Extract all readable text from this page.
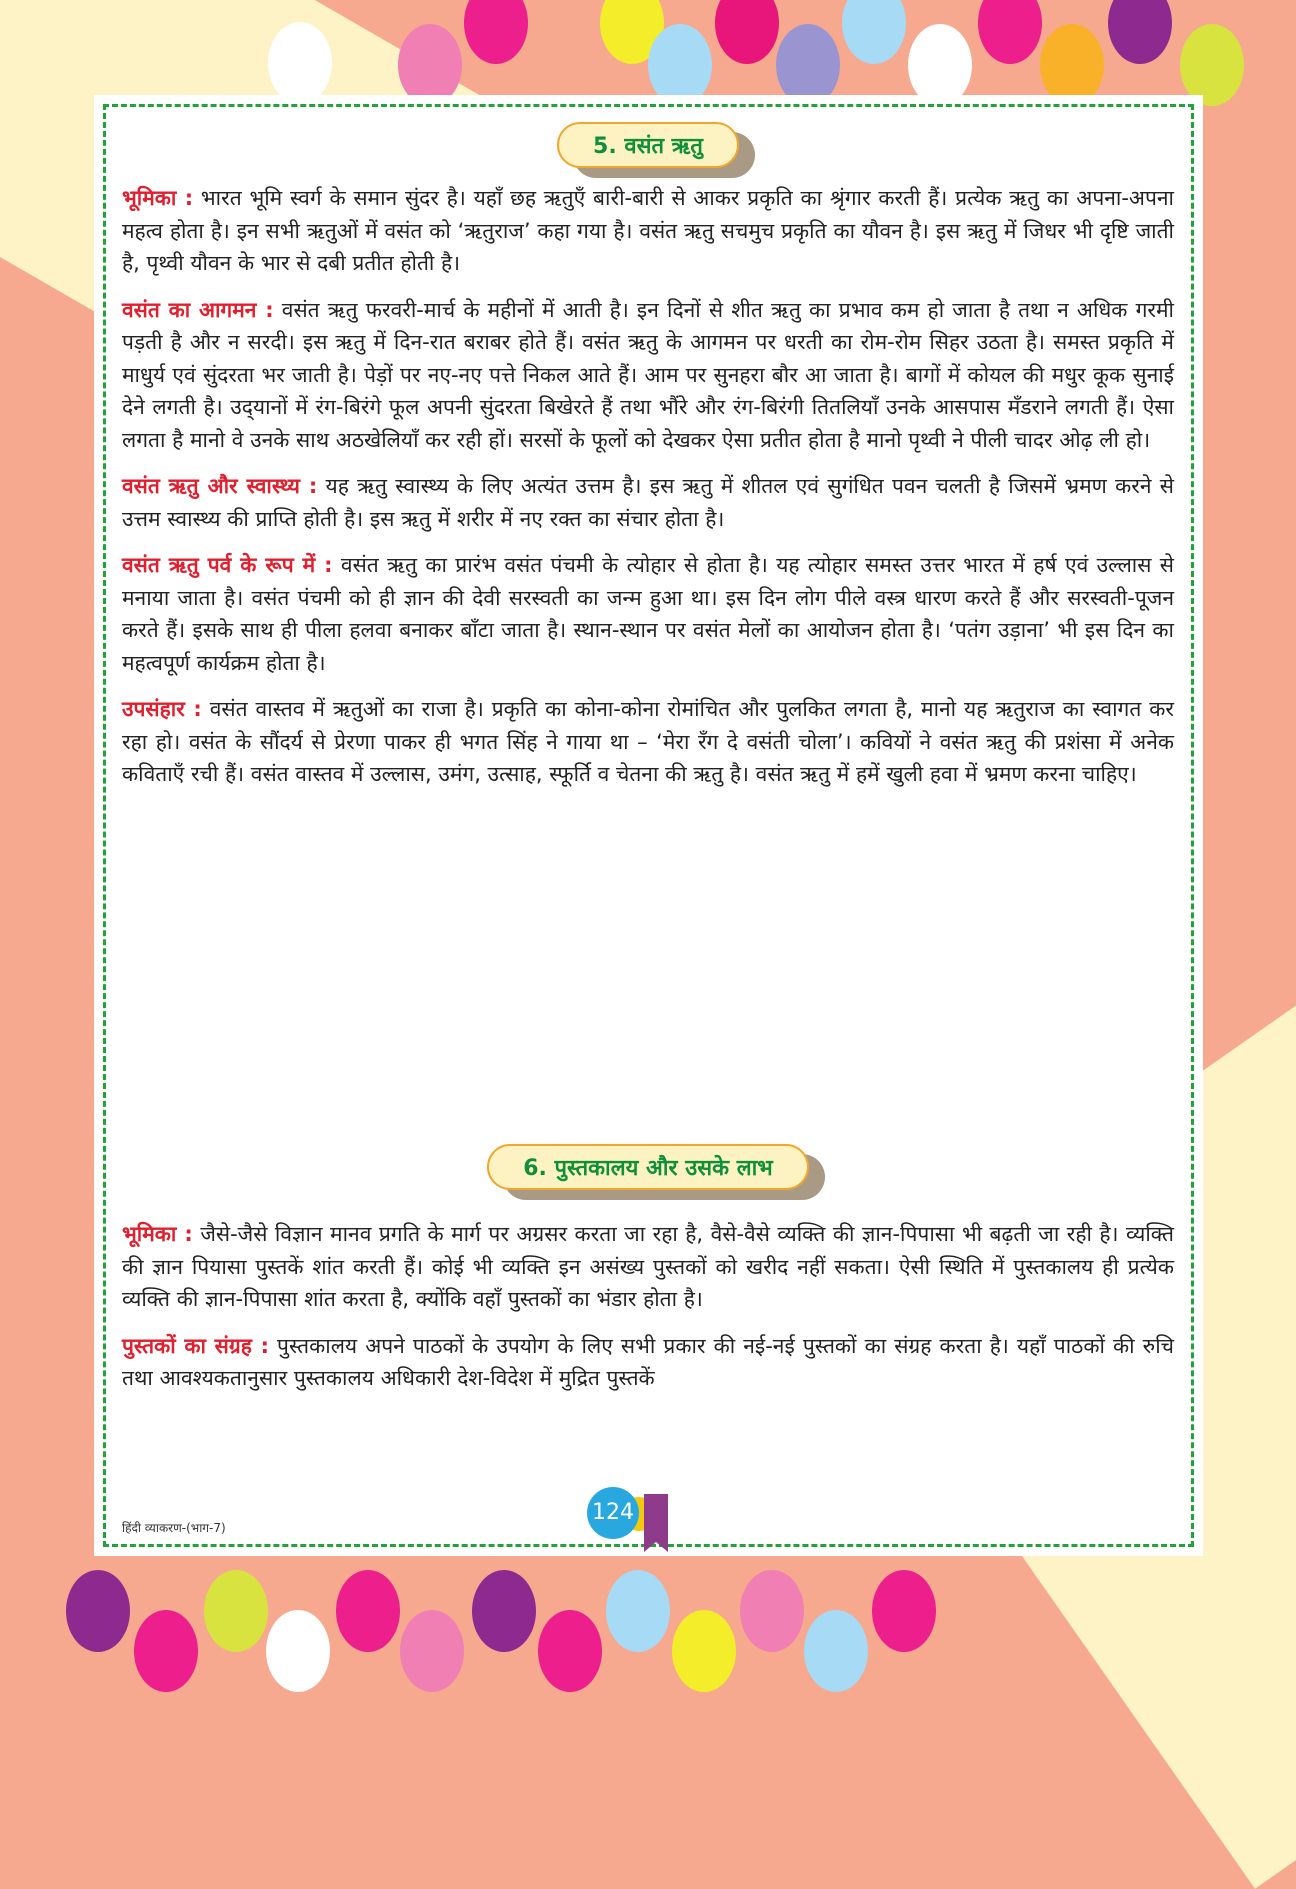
5. वसंत ऋतु

भूमिका : भारत भूमि स्वर्ग के समान सुंदर है। यहाँ छह ऋतुएँ बारी-बारी से आकर प्रकृति का श्रृंगार करती हैं। प्रत्येक ऋतु का अपना-अपना महत्व होता है। इन सभी ऋतुओं में वसंत को ‘ऋतुराज’ कहा गया है। वसंत ऋतु सचमुच प्रकृति का यौवन है। इस ऋतु में जिधर भी दृष्टि जाती है, पृथ्वी यौवन के भार से दबी प्रतीत होती है।

वसंत का आगमन : वसंत ऋतु फरवरी-मार्च के महीनों में आती है। इन दिनों से शीत ऋतु का प्रभाव कम हो जाता है तथा न अधिक गरमी पड़ती है और न सरदी। इस ऋतु में दिन-रात बराबर होते हैं। वसंत ऋतु के आगमन पर धरती का रोम-रोम सिहर उठता है। समस्त प्रकृति में माधुर्य एवं सुंदरता भर जाती है। पेड़ों पर नए-नए पत्ते निकल आते हैं। आम पर सुनहरा बौर आ जाता है। बागों में कोयल की मधुर कूक सुनाई देने लगती है। उद्‌यानों में रंग-बिरंगे फूल अपनी सुंदरता बिखेरते हैं तथा भौंरे और रंग-बिरंगी तितलियाँ उनके आसपास मँडराने लगती हैं। ऐसा लगता है मानो वे उनके साथ अठखेलियाँ कर रही हों। सरसों के फूलों को देखकर ऐसा प्रतीत होता है मानो पृथ्वी ने पीली चादर ओढ़ ली हो।

वसंत ऋतु और स्वास्थ्य : यह ऋतु स्वास्थ्य के लिए अत्यंत उत्तम है। इस ऋतु में शीतल एवं सुगंधित पवन चलती है जिसमें भ्रमण करने से उत्तम स्वास्थ्य की प्राप्ति होती है। इस ऋतु में शरीर में नए रक्त का संचार होता है।

वसंत ऋतु पर्व के रूप में : वसंत ऋतु का प्रारंभ वसंत पंचमी के त्योहार से होता है। यह त्योहार समस्त उत्तर भारत में हर्ष एवं उल्लास से मनाया जाता है। वसंत पंचमी को ही ज्ञान की देवी सरस्वती का जन्म हुआ था। इस दिन लोग पीले वस्त्र धारण करते हैं और सरस्वती-पूजन करते हैं। इसके साथ ही पीला हलवा बनाकर बाँटा जाता है। स्थान-स्थान पर वसंत मेलों का आयोजन होता है। ‘पतंग उड़ाना’ भी इस दिन का महत्वपूर्ण कार्यक्रम होता है।

उपसंहार : वसंत वास्तव में ऋतुओं का राजा है। प्रकृति का कोना-कोना रोमांचित और पुलकित लगता है, मानो यह ऋतुराज का स्वागत कर रहा हो। वसंत के सौंदर्य से प्रेरणा पाकर ही भगत सिंह ने गाया था – ‘मेरा रँग दे वसंती चोला’। कवियों ने वसंत ऋतु की प्रशंसा में अनेक कविताएँ रची हैं। वसंत वास्तव में उल्लास, उमंग, उत्साह, स्फूर्ति व चेतना की ऋतु है। वसंत ऋतु में हमें खुली हवा में भ्रमण करना चाहिए।

6. पुस्तकालय और उसके लाभ

भूमिका : जैसे-जैसे विज्ञान मानव प्रगति के मार्ग पर अग्रसर करता जा रहा है, वैसे-वैसे व्यक्ति की ज्ञान-पिपासा भी बढ़ती जा रही है। व्यक्ति की ज्ञान पियासा पुस्तकें शांत करती हैं। कोई भी व्यक्ति इन असंख्य पुस्तकों को खरीद नहीं सकता। ऐसी स्थिति में पुस्तकालय ही प्रत्येक व्यक्ति की ज्ञान-पिपासा शांत करता है, क्योंकि वहाँ पुस्तकों का भंडार होता है।

पुस्तकों का संग्रह : पुस्तकालय अपने पाठकों के उपयोग के लिए सभी प्रकार की नई-नई पुस्तकों का संग्रह करता है। यहाँ पाठकों की रुचि तथा आवश्यकतानुसार पुस्तकालय अधिकारी देश-विदेश में मुद्रित पुस्तकें

हिंदी व्याकरण-(भाग-7)
124
